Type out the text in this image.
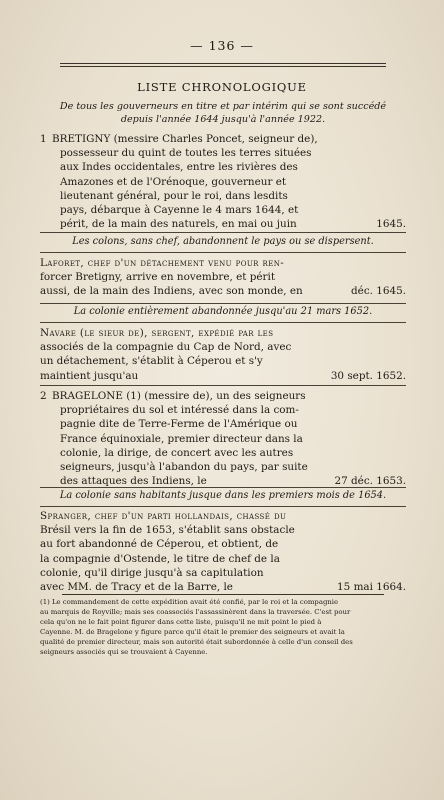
— 136 —
LISTE CHRONOLOGIQUE
De tous les gouverneurs en titre et par intérim qui se sont succédé
depuis l'année 1644 jusqu'à l'année 1922.
1 BRETIGNY (messire Charles Poncet, seigneur de),
possesseur du quint de toutes les terres situées
aux Indes occidentales, entre les rivières des
Amazones et de l'Orénoque, gouverneur et
lieutenant général, pour le roi, dans lesdits
pays, débarque à Cayenne le 4 mars 1644, et
périt, de la main des naturels, en mai ou juin	1645.
Les colons, sans chef, abandonnent le pays ou se dispersent.
Laforet, chef d'un détachement venu pour ren-
forcer Bretigny, arrive en novembre, et périt
aussi, de la main des Indiens, avec son monde, en	déc. 1645.
La colonie entièrement abandonnée jusqu'au 21 mars 1652.
Navare (le sieur de), sergent, expédié par les
associés de la compagnie du Cap de Nord, avec
un détachement, s'établit à Céperou et s'y
maintient jusqu'au	30 sept. 1652.
2 BRAGELONE (1) (messire de), un des seigneurs
propriétaires du sol et intéressé dans la com-
pagnie dite de Terre-Ferme de l'Amérique ou
France équinoxiale, premier directeur dans la
colonie, la dirige, de concert avec les autres
seigneurs, jusqu'à l'abandon du pays, par suite
des attaques des Indiens, le	27 déc. 1653.
La colonie sans habitants jusque dans les premiers mois de 1654.
Spranger, chef d'un parti hollandais, chassé du
Brésil vers la fin de 1653, s'établit sans obstacle
au fort abandonné de Céperou, et obtient, de
la compagnie d'Ostende, le titre de chef de la
colonie, qu'il dirige jusqu'à sa capitulation
avec MM. de Tracy et de la Barre, le	15 mai 1664.
(1) Le commandement de cette expédition avait été confié, par le roi et la compagnie
au marquis de Royville; mais ses coassociés l'assassinèrent dans la traversée. C'est pour
cela qu'on ne le fait point figurer dans cette liste, puisqu'il ne mit point le pied à
Cayenne. M. de Bragelone y figure parce qu'il était le premier des seigneurs et avait la
qualité de premier directeur, mais son autorité était subordonnée à celle d'un conseil des
seigneurs associés qui se trouvaient à Cayenne.
